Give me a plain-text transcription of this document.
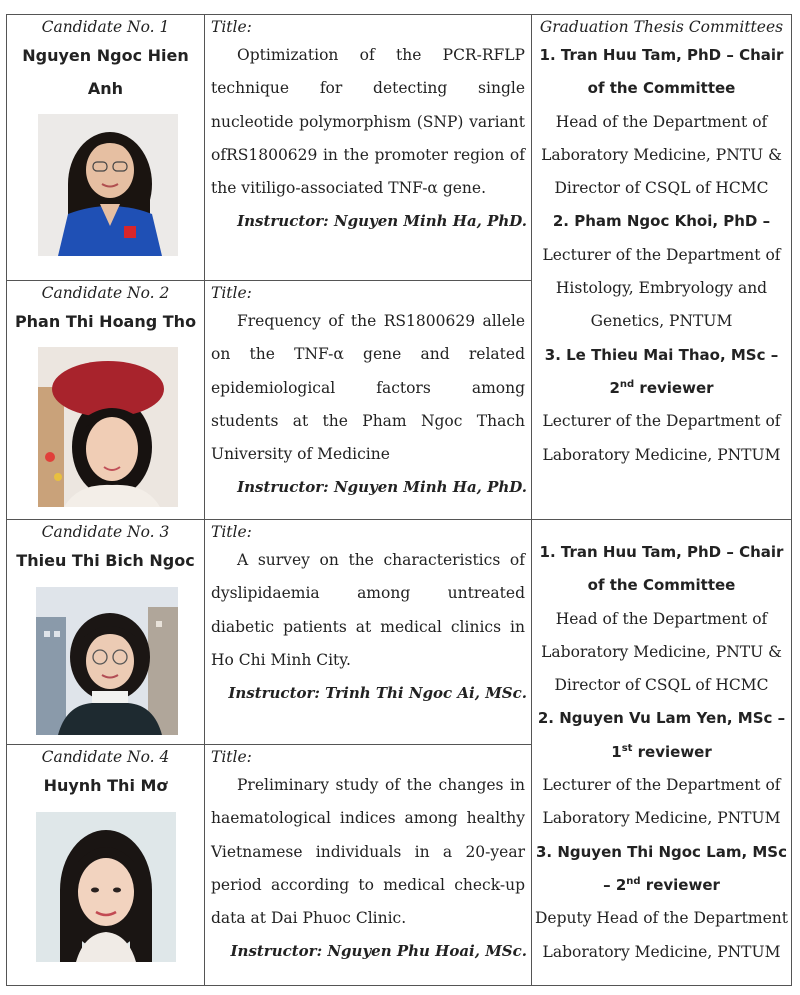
Candidate No. 1
Nguyen Ngoc Hien
Anh
Title:
Optimization of the PCR-RFLP technique for detecting single nucleotide polymorphism (SNP) variant ofRS1800629 in the promoter region of the vitiligo-associated TNF-α gene.
Instructor: Nguyen Minh Ha, PhD.
Candidate No. 2
Phan Thi Hoang Tho
Title:
Frequency of the RS1800629 allele on the TNF-α gene and related epidemiological factors among students at the Pham Ngoc Thach University of Medicine
Instructor: Nguyen Minh Ha, PhD.
Graduation Thesis Committees

1. Tran Huu Tam, PhD – Chair of the Committee

Head of the Department of Laboratory Medicine, PNTU & Director of CSQL of HCMC

2. Pham Ngoc Khoi, PhD –

Lecturer of the Department of Histology, Embryology and Genetics, PNTUM

3. Le Thieu Mai Thao, MSc –

2nd reviewer

Lecturer of the Department of Laboratory Medicine, PNTUM

Candidate No. 3
Thieu Thi Bich Ngoc
Title:
A survey on the characteristics of dyslipidaemia among untreated diabetic patients at medical clinics in Ho Chi Minh City.
Instructor: Trinh Thi Ngoc Ai, MSc.
Candidate No. 4
Huynh Thi Mơ
Title:
Preliminary study of the changes in haematological indices among healthy Vietnamese individuals in a 20-year period according to medical check-up data at Dai Phuoc Clinic.
Instructor: Nguyen Phu Hoai, MSc.

1. Tran Huu Tam, PhD – Chair of the Committee

Head of the Department of Laboratory Medicine, PNTU & Director of CSQL of HCMC

2. Nguyen Vu Lam Yen, MSc –

1st reviewer

Lecturer of the Department of Laboratory Medicine, PNTUM

3. Nguyen Thi Ngoc Lam, MSc

– 2nd reviewer

Deputy Head of the Department Laboratory Medicine, PNTUM
